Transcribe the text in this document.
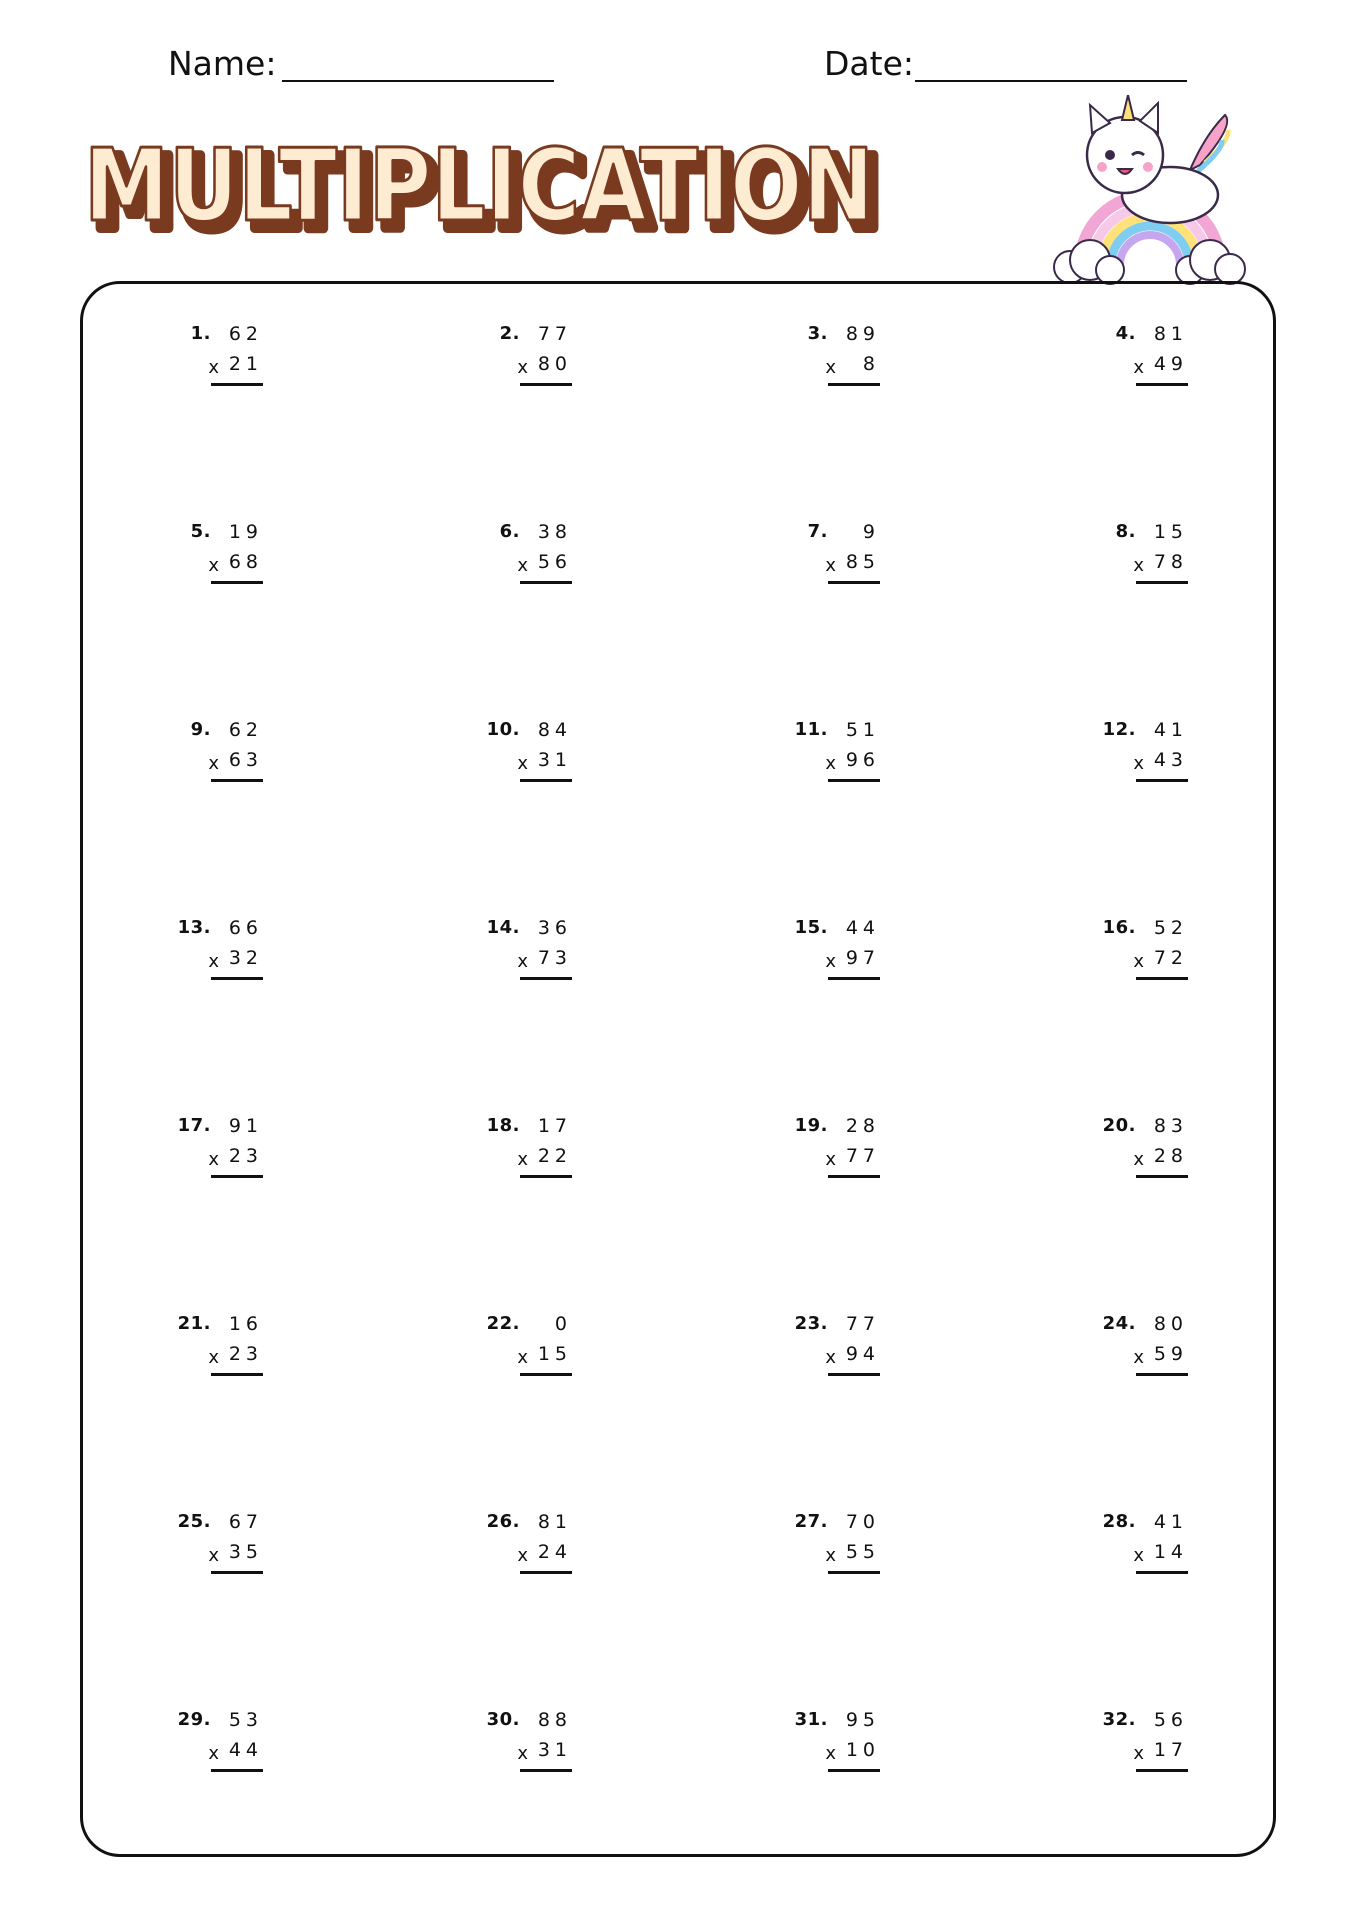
Name:	Date:
MULTIPLICATION
MULTIPLICATION
1. 62
x 21
2. 77
x 80
3. 89
x 8
4. 81
x 49
5. 19
x 68
6. 38
x 56
7. 9
x 85
8. 15
x 78
9. 62
x 63
10. 84
x 31
11. 51
x 96
12. 41
x 43
13. 66
x 32
14. 36
x 73
15. 44
x 97
16. 52
x 72
17. 91
x 23
18. 17
x 22
19. 28
x 77
20. 83
x 28
21. 16
x 23
22. 0
x 15
23. 77
x 94
24. 80
x 59
25. 67
x 35
26. 81
x 24
27. 70
x 55
28. 41
x 14
29. 53
x 44
30. 88
x 31
31. 95
x 10
32. 56
x 17
